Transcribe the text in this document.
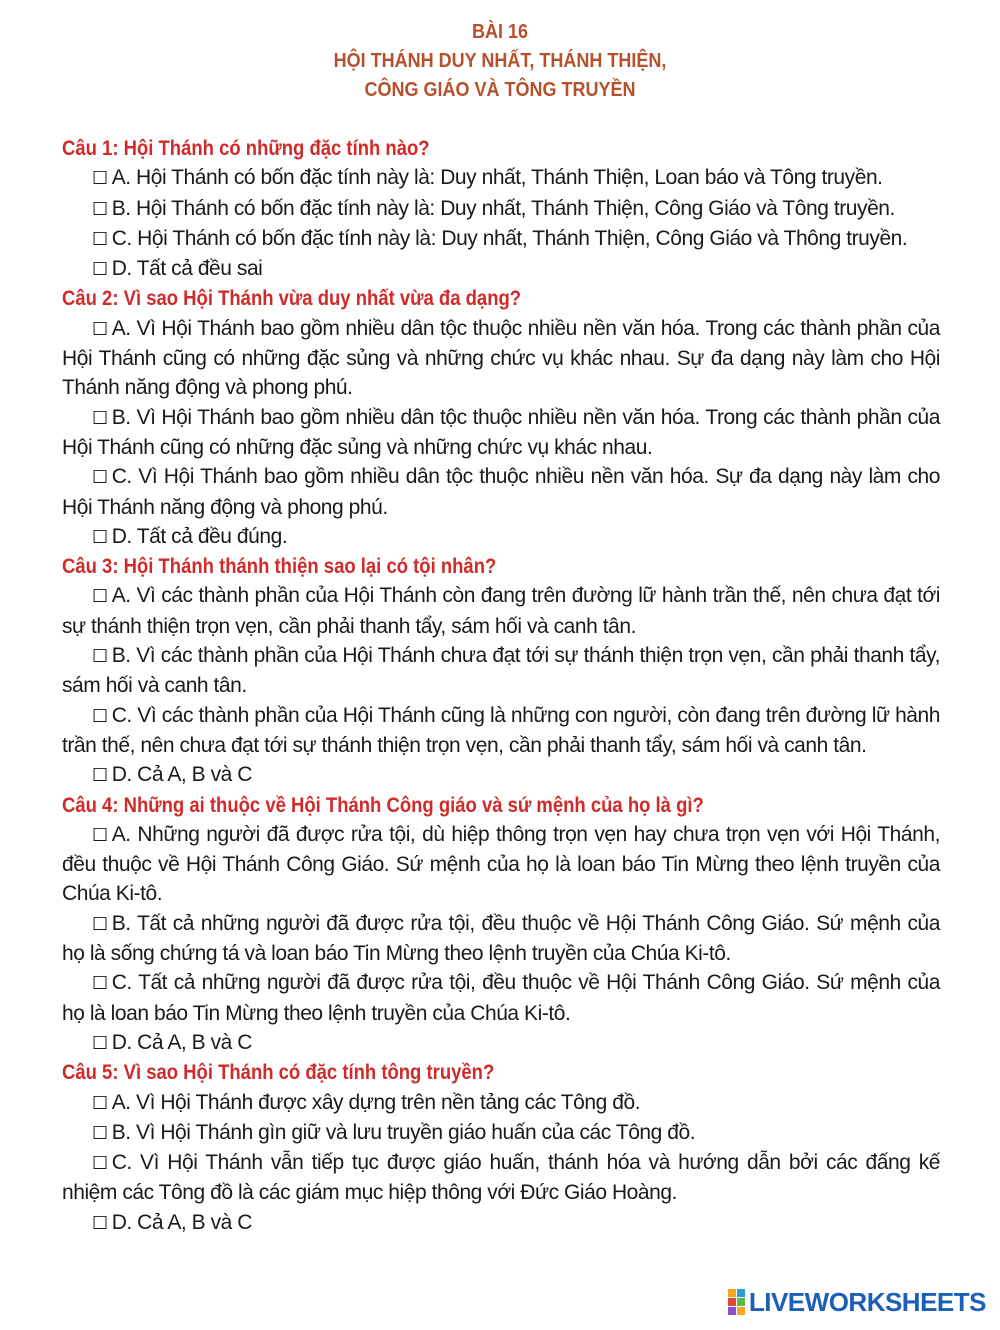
BÀI 16
HỘI THÁNH DUY NHẤT, THÁNH THIỆN,
CÔNG GIÁO VÀ TÔNG TRUYỀN
Câu 1: Hội Thánh có những đặc tính nào?
☐ A. Hội Thánh có bốn đặc tính này là: Duy nhất, Thánh Thiện, Loan báo và Tông truyền.
☐ B. Hội Thánh có bốn đặc tính này là: Duy nhất, Thánh Thiện, Công Giáo và Tông truyền.
☐ C. Hội Thánh có bốn đặc tính này là: Duy nhất, Thánh Thiện, Công Giáo và Thông truyền.
☐ D. Tất cả đều sai
Câu 2: Vì sao Hội Thánh vừa duy nhất vừa đa dạng?
☐ A. Vì Hội Thánh bao gồm nhiều dân tộc thuộc nhiều nền văn hóa. Trong các thành phần của Hội Thánh cũng có những đặc sủng và những chức vụ khác nhau. Sự đa dạng này làm cho Hội Thánh năng động và phong phú.
☐ B. Vì Hội Thánh bao gồm nhiều dân tộc thuộc nhiều nền văn hóa. Trong các thành phần của Hội Thánh cũng có những đặc sủng và những chức vụ khác nhau.
☐ C. Vì Hội Thánh bao gồm nhiều dân tộc thuộc nhiều nền văn hóa. Sự đa dạng này làm cho Hội Thánh năng động và phong phú.
☐ D. Tất cả đều đúng.
Câu 3: Hội Thánh thánh thiện sao lại có tội nhân?
☐ A. Vì các thành phần của Hội Thánh còn đang trên đường lữ hành trần thế, nên chưa đạt tới sự thánh thiện trọn vẹn, cần phải thanh tẩy, sám hối và canh tân.
☐ B. Vì các thành phần của Hội Thánh chưa đạt tới sự thánh thiện trọn vẹn, cần phải thanh tẩy, sám hối và canh tân.
☐ C. Vì các thành phần của Hội Thánh cũng là những con người, còn đang trên đường lữ hành trần thế, nên chưa đạt tới sự thánh thiện trọn vẹn, cần phải thanh tẩy, sám hối và canh tân.
☐ D. Cả A, B và C
Câu 4: Những ai thuộc về Hội Thánh Công giáo và sứ mệnh của họ là gì?
☐ A. Những người đã được rửa tội, dù hiệp thông trọn vẹn hay chưa trọn vẹn với Hội Thánh, đều thuộc về Hội Thánh Công Giáo. Sứ mệnh của họ là loan báo Tin Mừng theo lệnh truyền của Chúa Ki-tô.
☐ B. Tất cả những người đã được rửa tội, đều thuộc về Hội Thánh Công Giáo. Sứ mệnh của họ là sống chứng tá và loan báo Tin Mừng theo lệnh truyền của Chúa Ki-tô.
☐ C. Tất cả những người đã được rửa tội, đều thuộc về Hội Thánh Công Giáo. Sứ mệnh của họ là loan báo Tin Mừng theo lệnh truyền của Chúa Ki-tô.
☐ D. Cả A, B và C
Câu 5: Vì sao Hội Thánh có đặc tính tông truyền?
☐ A. Vì Hội Thánh được xây dựng trên nền tảng các Tông đồ.
☐ B. Vì Hội Thánh gìn giữ và lưu truyền giáo huấn của các Tông đồ.
☐ C. Vì Hội Thánh vẫn tiếp tục được giáo huấn, thánh hóa và hướng dẫn bởi các đấng kế nhiệm các Tông đồ là các giám mục hiệp thông với Đức Giáo Hoàng.
☐ D. Cả A, B và C
LIVEWORKSHEETS
